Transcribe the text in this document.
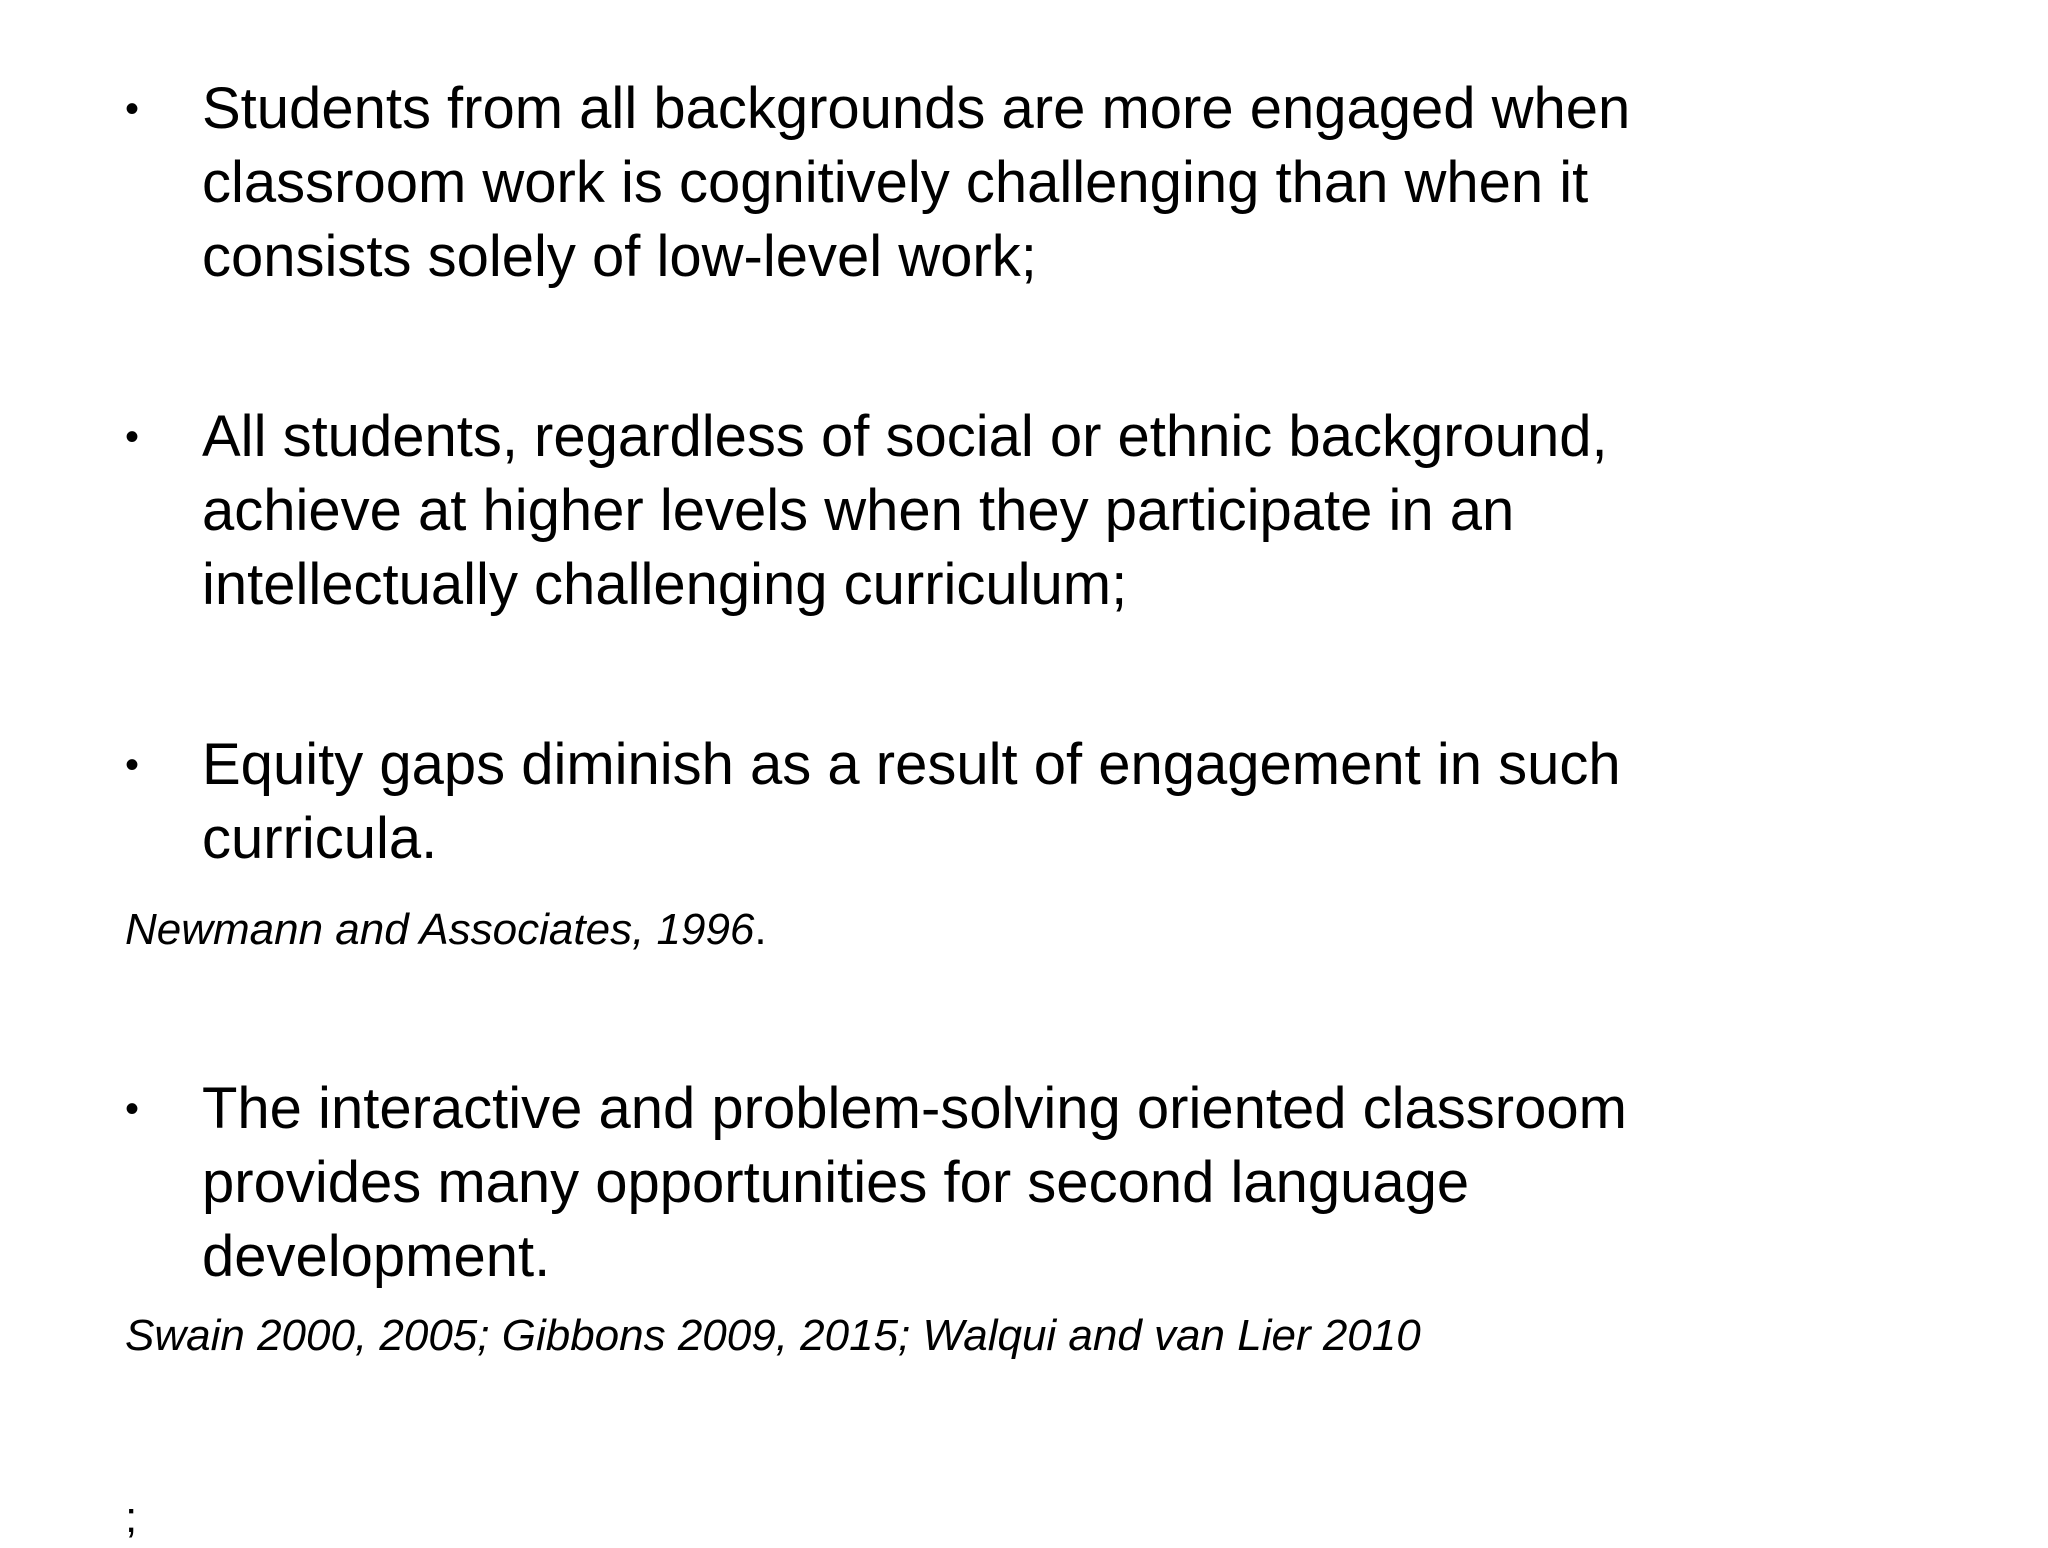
• Students from all backgrounds are more engaged when
classroom work is cognitively challenging than when it
consists solely of low-level work;
• All students, regardless of social or ethnic background,
achieve at higher levels when they participate in an
intellectually challenging curriculum;
• Equity gaps diminish as a result of engagement in such
curricula.
Newmann and Associates, 1996.
• The interactive and problem-solving oriented classroom
provides many opportunities for second language
development.
Swain 2000, 2005; Gibbons 2009, 2015; Walqui and van Lier 2010
;
